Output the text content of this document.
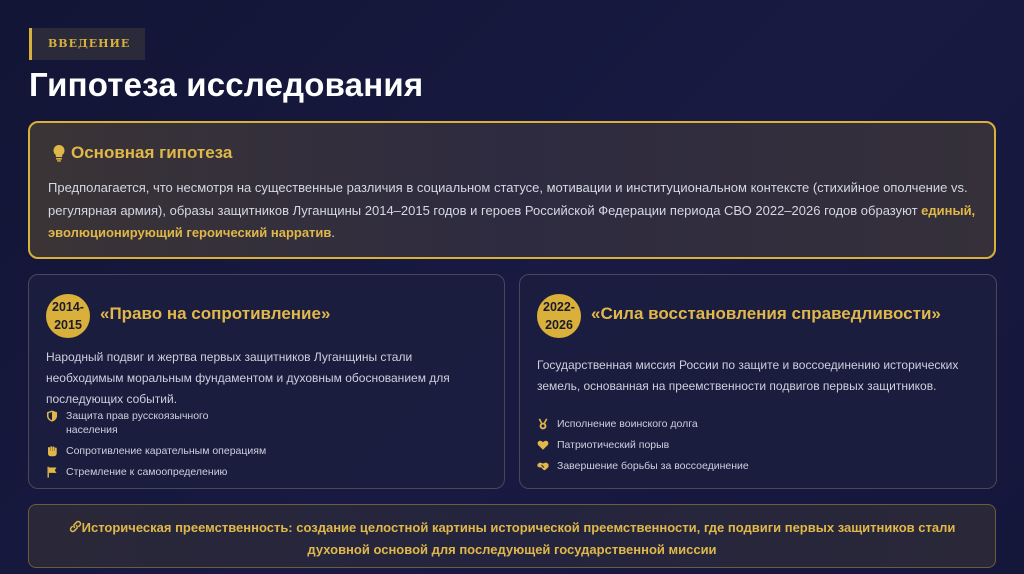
ВВЕДЕНИЕ
Гипотеза исследования
Основная гипотеза

Предполагается, что несмотря на существенные различия в социальном статусе, мотивации и институциональном контексте (стихийное ополчение vs. регулярная армия), образы защитников Луганщины 2014–2015 годов и героев Российской Федерации периода СВО 2022–2026 годов образуют единый, эволюционирующий героический нарратив.

2014-2015
«Право на сопротивление»

Народный подвиг и жертва первых защитников Луганщины стали необходимым моральным фундаментом и духовным обоснованием для последующих событий.

Защита прав русскоязычного населения
Сопротивление карательным операциям
Стремление к самоопределению
2022-2026
«Сила восстановления справедливости»

Государственная миссия России по защите и воссоединению исторических земель, основанная на преемственности подвигов первых защитников.

Исполнение воинского долга
Патриотический порыв
Завершение борьбы за воссоединение
Историческая преемственность: создание целостной картины исторической преемственности, где подвиги первых защитников стали духовной основой для последующей государственной миссии
